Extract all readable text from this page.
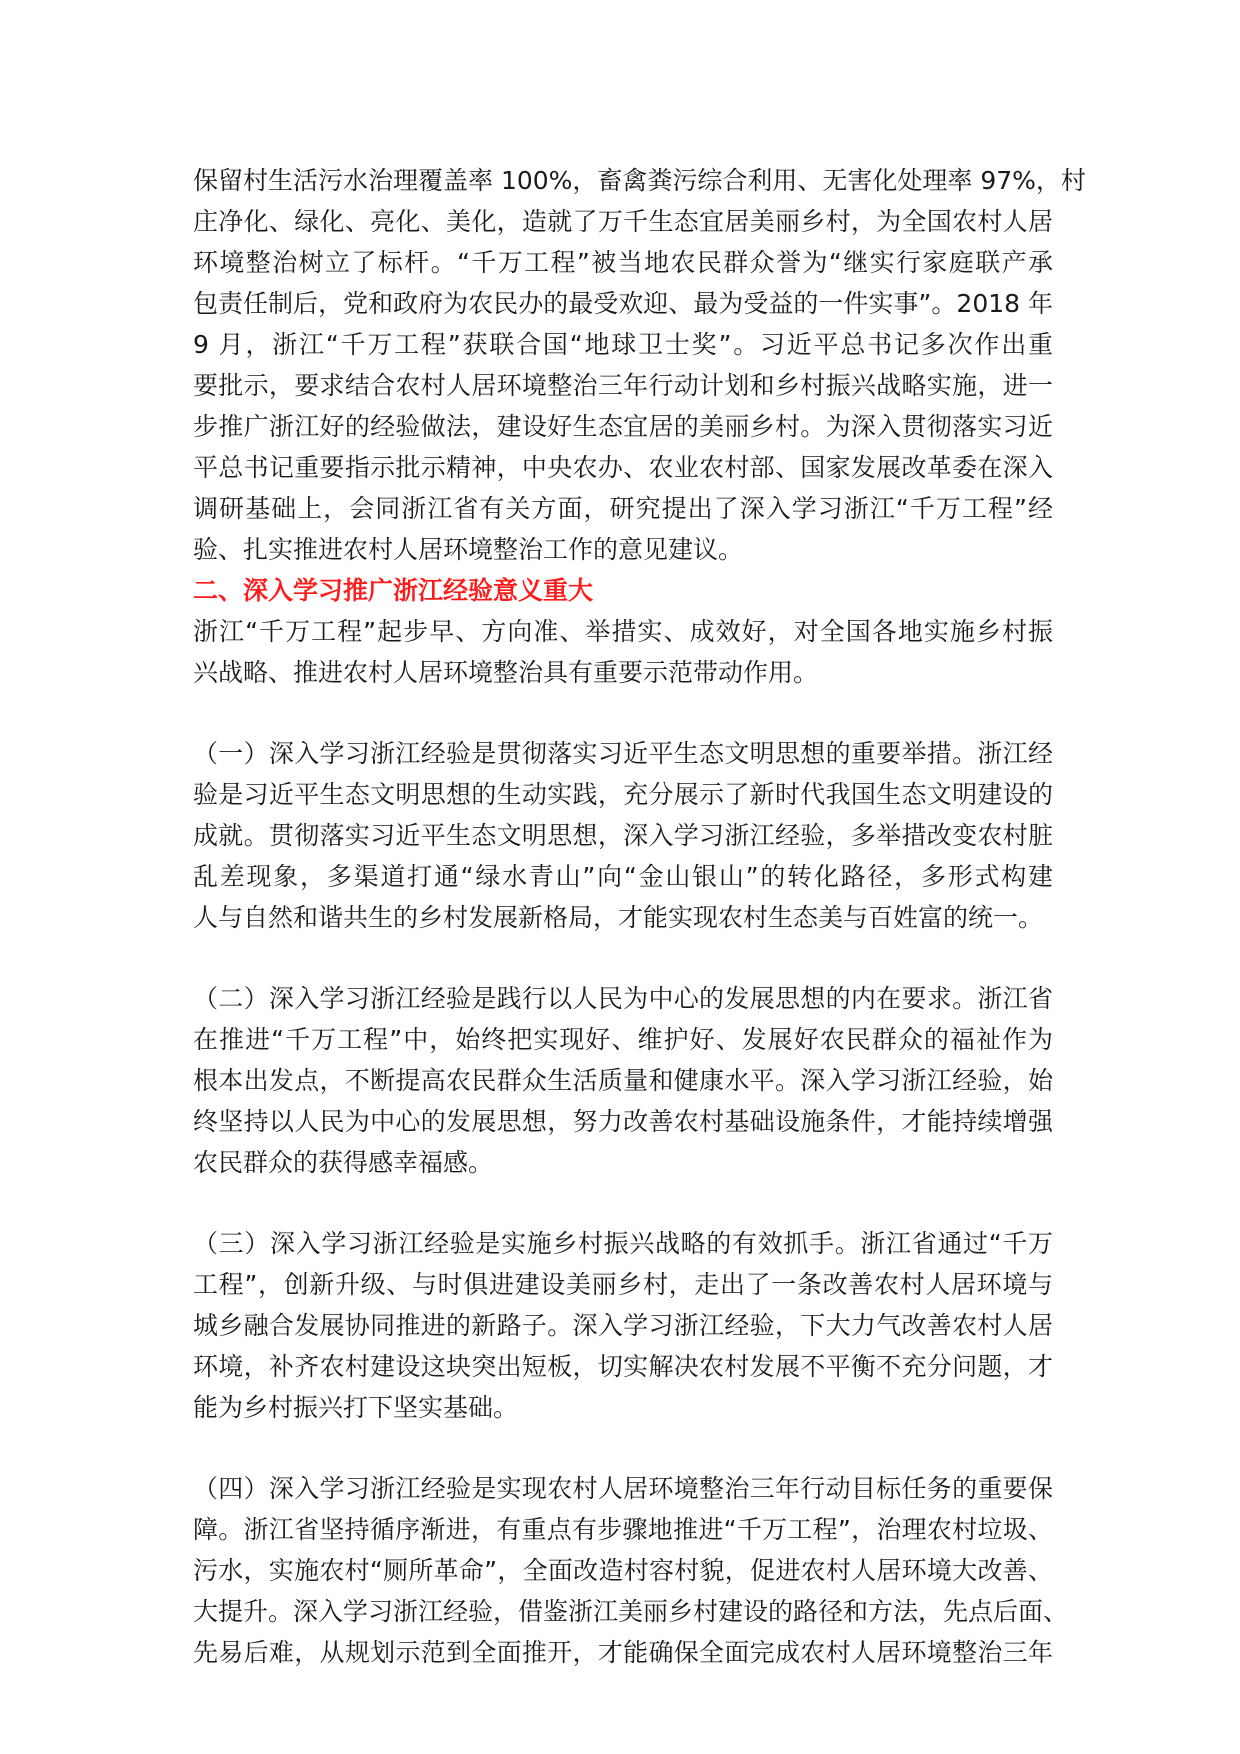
保留村生活污水治理覆盖率 100%，畜禽粪污综合利用、无害化处理率 97%，村
庄净化、绿化、亮化、美化，造就了万千生态宜居美丽乡村，为全国农村人居
环境整治树立了标杆。“千万工程”被当地农民群众誉为“继实行家庭联产承
包责任制后，党和政府为农民办的最受欢迎、最为受益的一件实事”。2018 年
9 月，浙江“千万工程”获联合国“地球卫士奖”。习近平总书记多次作出重
要批示，要求结合农村人居环境整治三年行动计划和乡村振兴战略实施，进一
步推广浙江好的经验做法，建设好生态宜居的美丽乡村。为深入贯彻落实习近
平总书记重要指示批示精神，中央农办、农业农村部、国家发展改革委在深入
调研基础上，会同浙江省有关方面，研究提出了深入学习浙江“千万工程”经
验、扎实推进农村人居环境整治工作的意见建议。
二、深入学习推广浙江经验意义重大
浙江“千万工程”起步早、方向准、举措实、成效好，对全国各地实施乡村振
兴战略、推进农村人居环境整治具有重要示范带动作用。
（一）深入学习浙江经验是贯彻落实习近平生态文明思想的重要举措。浙江经
验是习近平生态文明思想的生动实践，充分展示了新时代我国生态文明建设的
成就。贯彻落实习近平生态文明思想，深入学习浙江经验，多举措改变农村脏
乱差现象，多渠道打通“绿水青山”向“金山银山”的转化路径，多形式构建
人与自然和谐共生的乡村发展新格局，才能实现农村生态美与百姓富的统一。
（二）深入学习浙江经验是践行以人民为中心的发展思想的内在要求。浙江省
在推进“千万工程”中，始终把实现好、维护好、发展好农民群众的福祉作为
根本出发点，不断提高农民群众生活质量和健康水平。深入学习浙江经验，始
终坚持以人民为中心的发展思想，努力改善农村基础设施条件，才能持续增强
农民群众的获得感幸福感。
（三）深入学习浙江经验是实施乡村振兴战略的有效抓手。浙江省通过“千万
工程”，创新升级、与时俱进建设美丽乡村，走出了一条改善农村人居环境与
城乡融合发展协同推进的新路子。深入学习浙江经验，下大力气改善农村人居
环境，补齐农村建设这块突出短板，切实解决农村发展不平衡不充分问题，才
能为乡村振兴打下坚实基础。
（四）深入学习浙江经验是实现农村人居环境整治三年行动目标任务的重要保
障。浙江省坚持循序渐进，有重点有步骤地推进“千万工程”，治理农村垃圾、
污水，实施农村“厕所革命”，全面改造村容村貌，促进农村人居环境大改善、
大提升。深入学习浙江经验，借鉴浙江美丽乡村建设的路径和方法，先点后面、
先易后难，从规划示范到全面推开，才能确保全面完成农村人居环境整治三年
